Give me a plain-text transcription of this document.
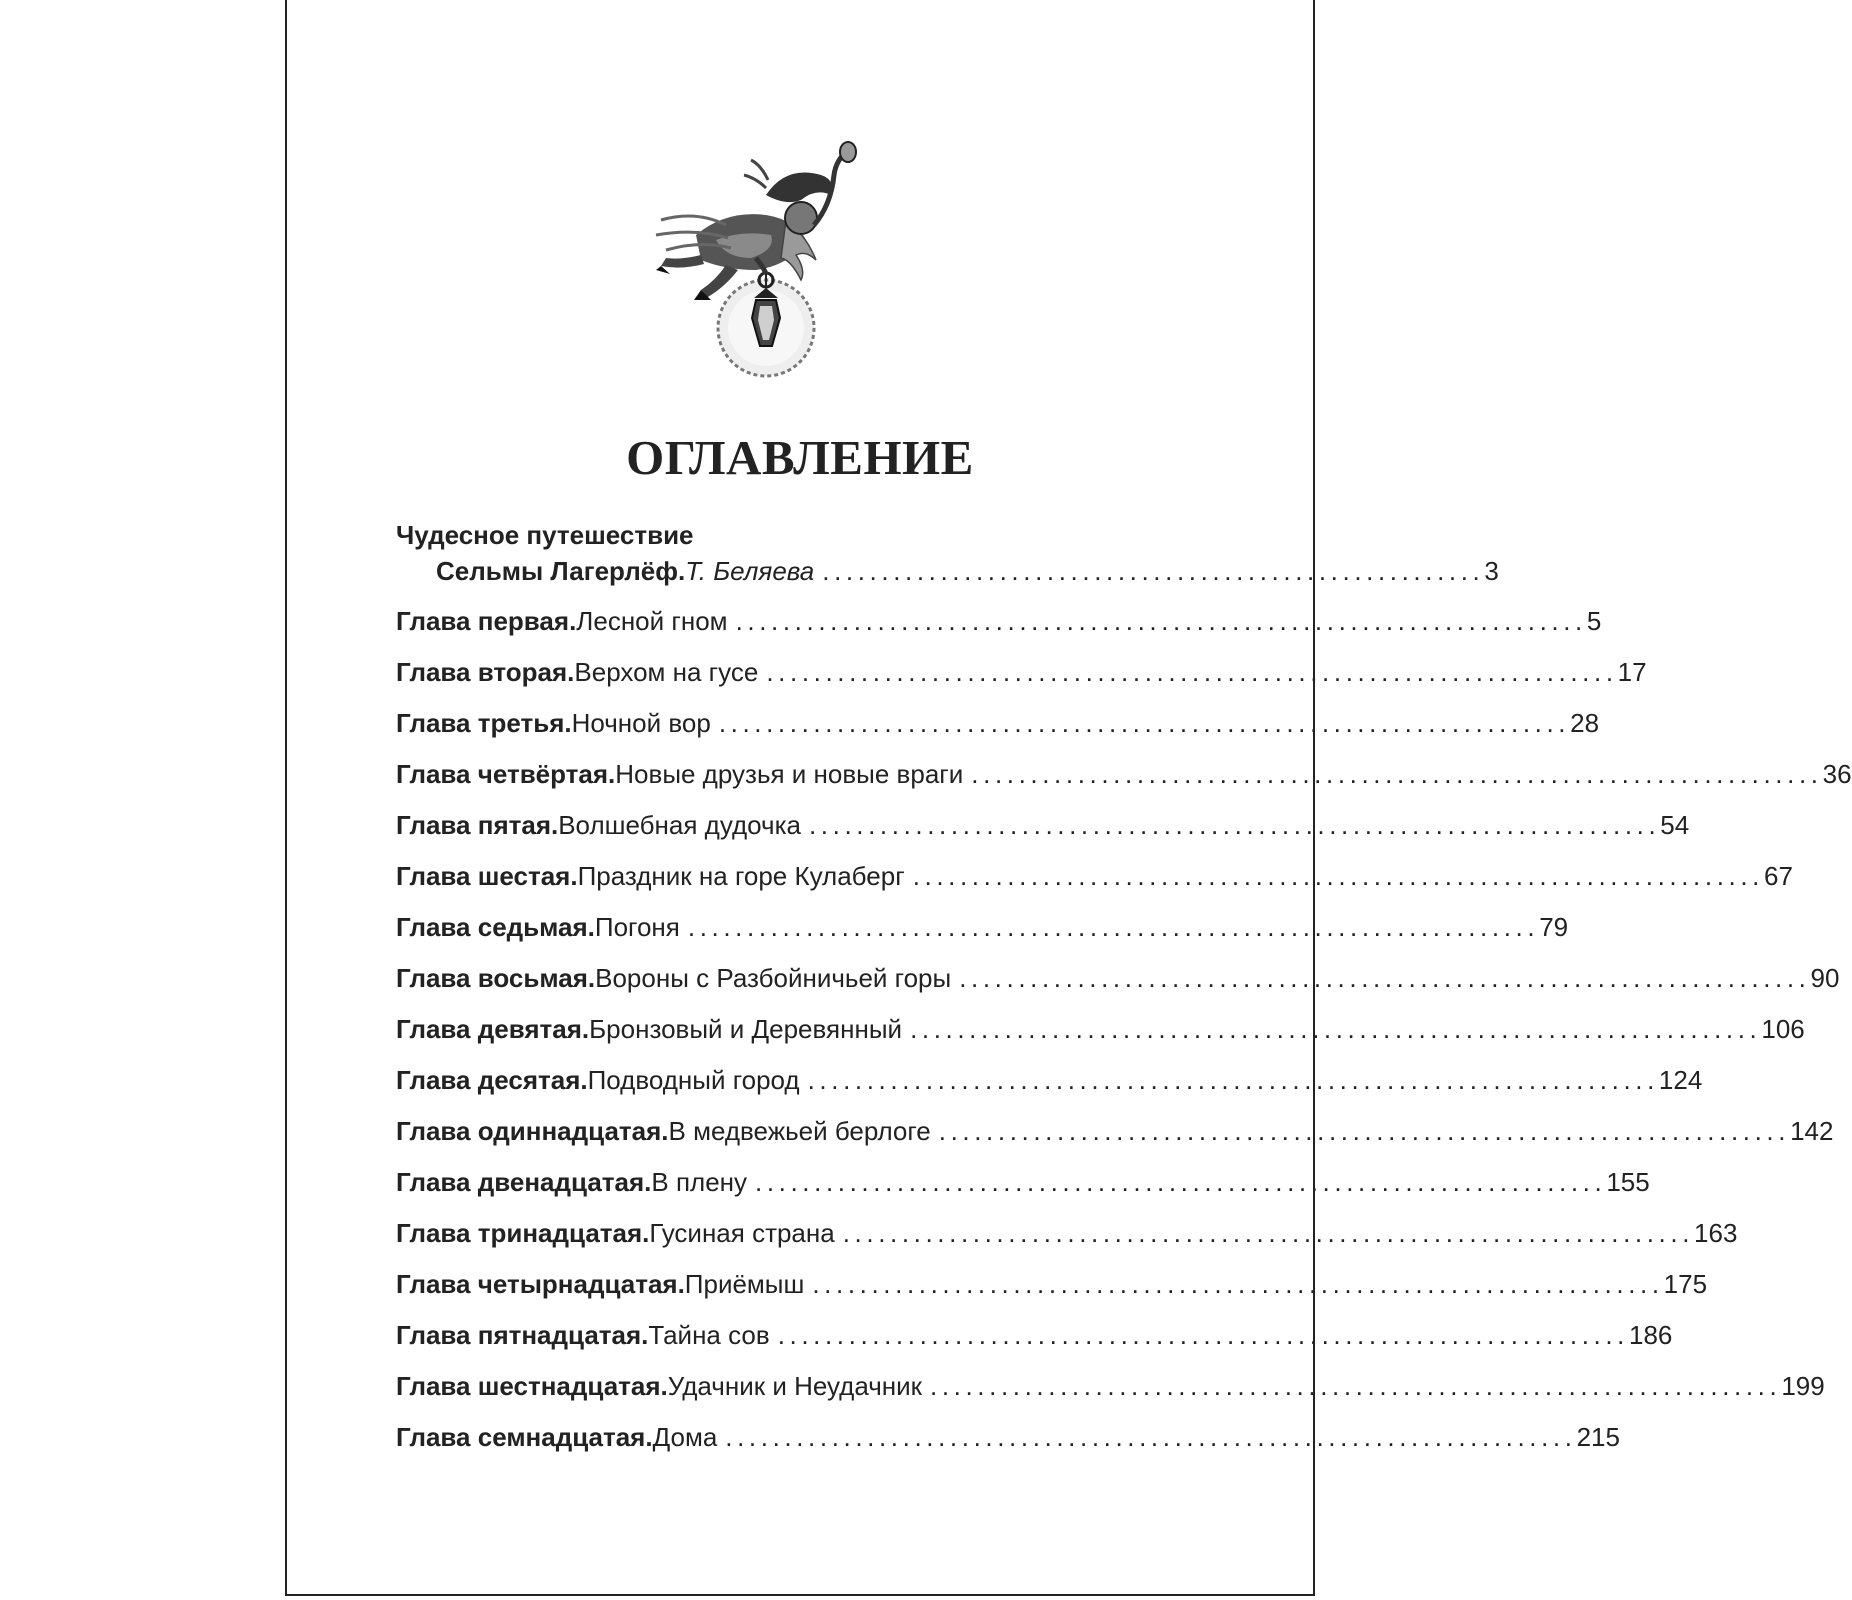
ОГЛАВЛЕНИЕ
Чудесное путешествие
Сельмы Лагерлёф. Т. Беляева ........................................................ 3
Глава первая. Лесной гном ........................................................................ 5
Глава вторая. Верхом на гусе ........................................................................ 17
Глава третья. Ночной вор ........................................................................ 28
Глава четвёртая. Новые друзья и новые враги ........................................................................ 36
Глава пятая. Волшебная дудочка ........................................................................ 54
Глава шестая. Праздник на горе Кулаберг ........................................................................ 67
Глава седьмая. Погоня ........................................................................ 79
Глава восьмая. Вороны с Разбойничьей горы ........................................................................ 90
Глава девятая. Бронзовый и Деревянный ........................................................................ 106
Глава десятая. Подводный город ........................................................................ 124
Глава одиннадцатая. В медвежьей берлоге ........................................................................ 142
Глава двенадцатая. В плену ........................................................................ 155
Глава тринадцатая. Гусиная страна ........................................................................ 163
Глава четырнадцатая. Приёмыш ........................................................................ 175
Глава пятнадцатая. Тайна сов ........................................................................ 186
Глава шестнадцатая. Удачник и Неудачник ........................................................................ 199
Глава семнадцатая. Дома ........................................................................ 215
